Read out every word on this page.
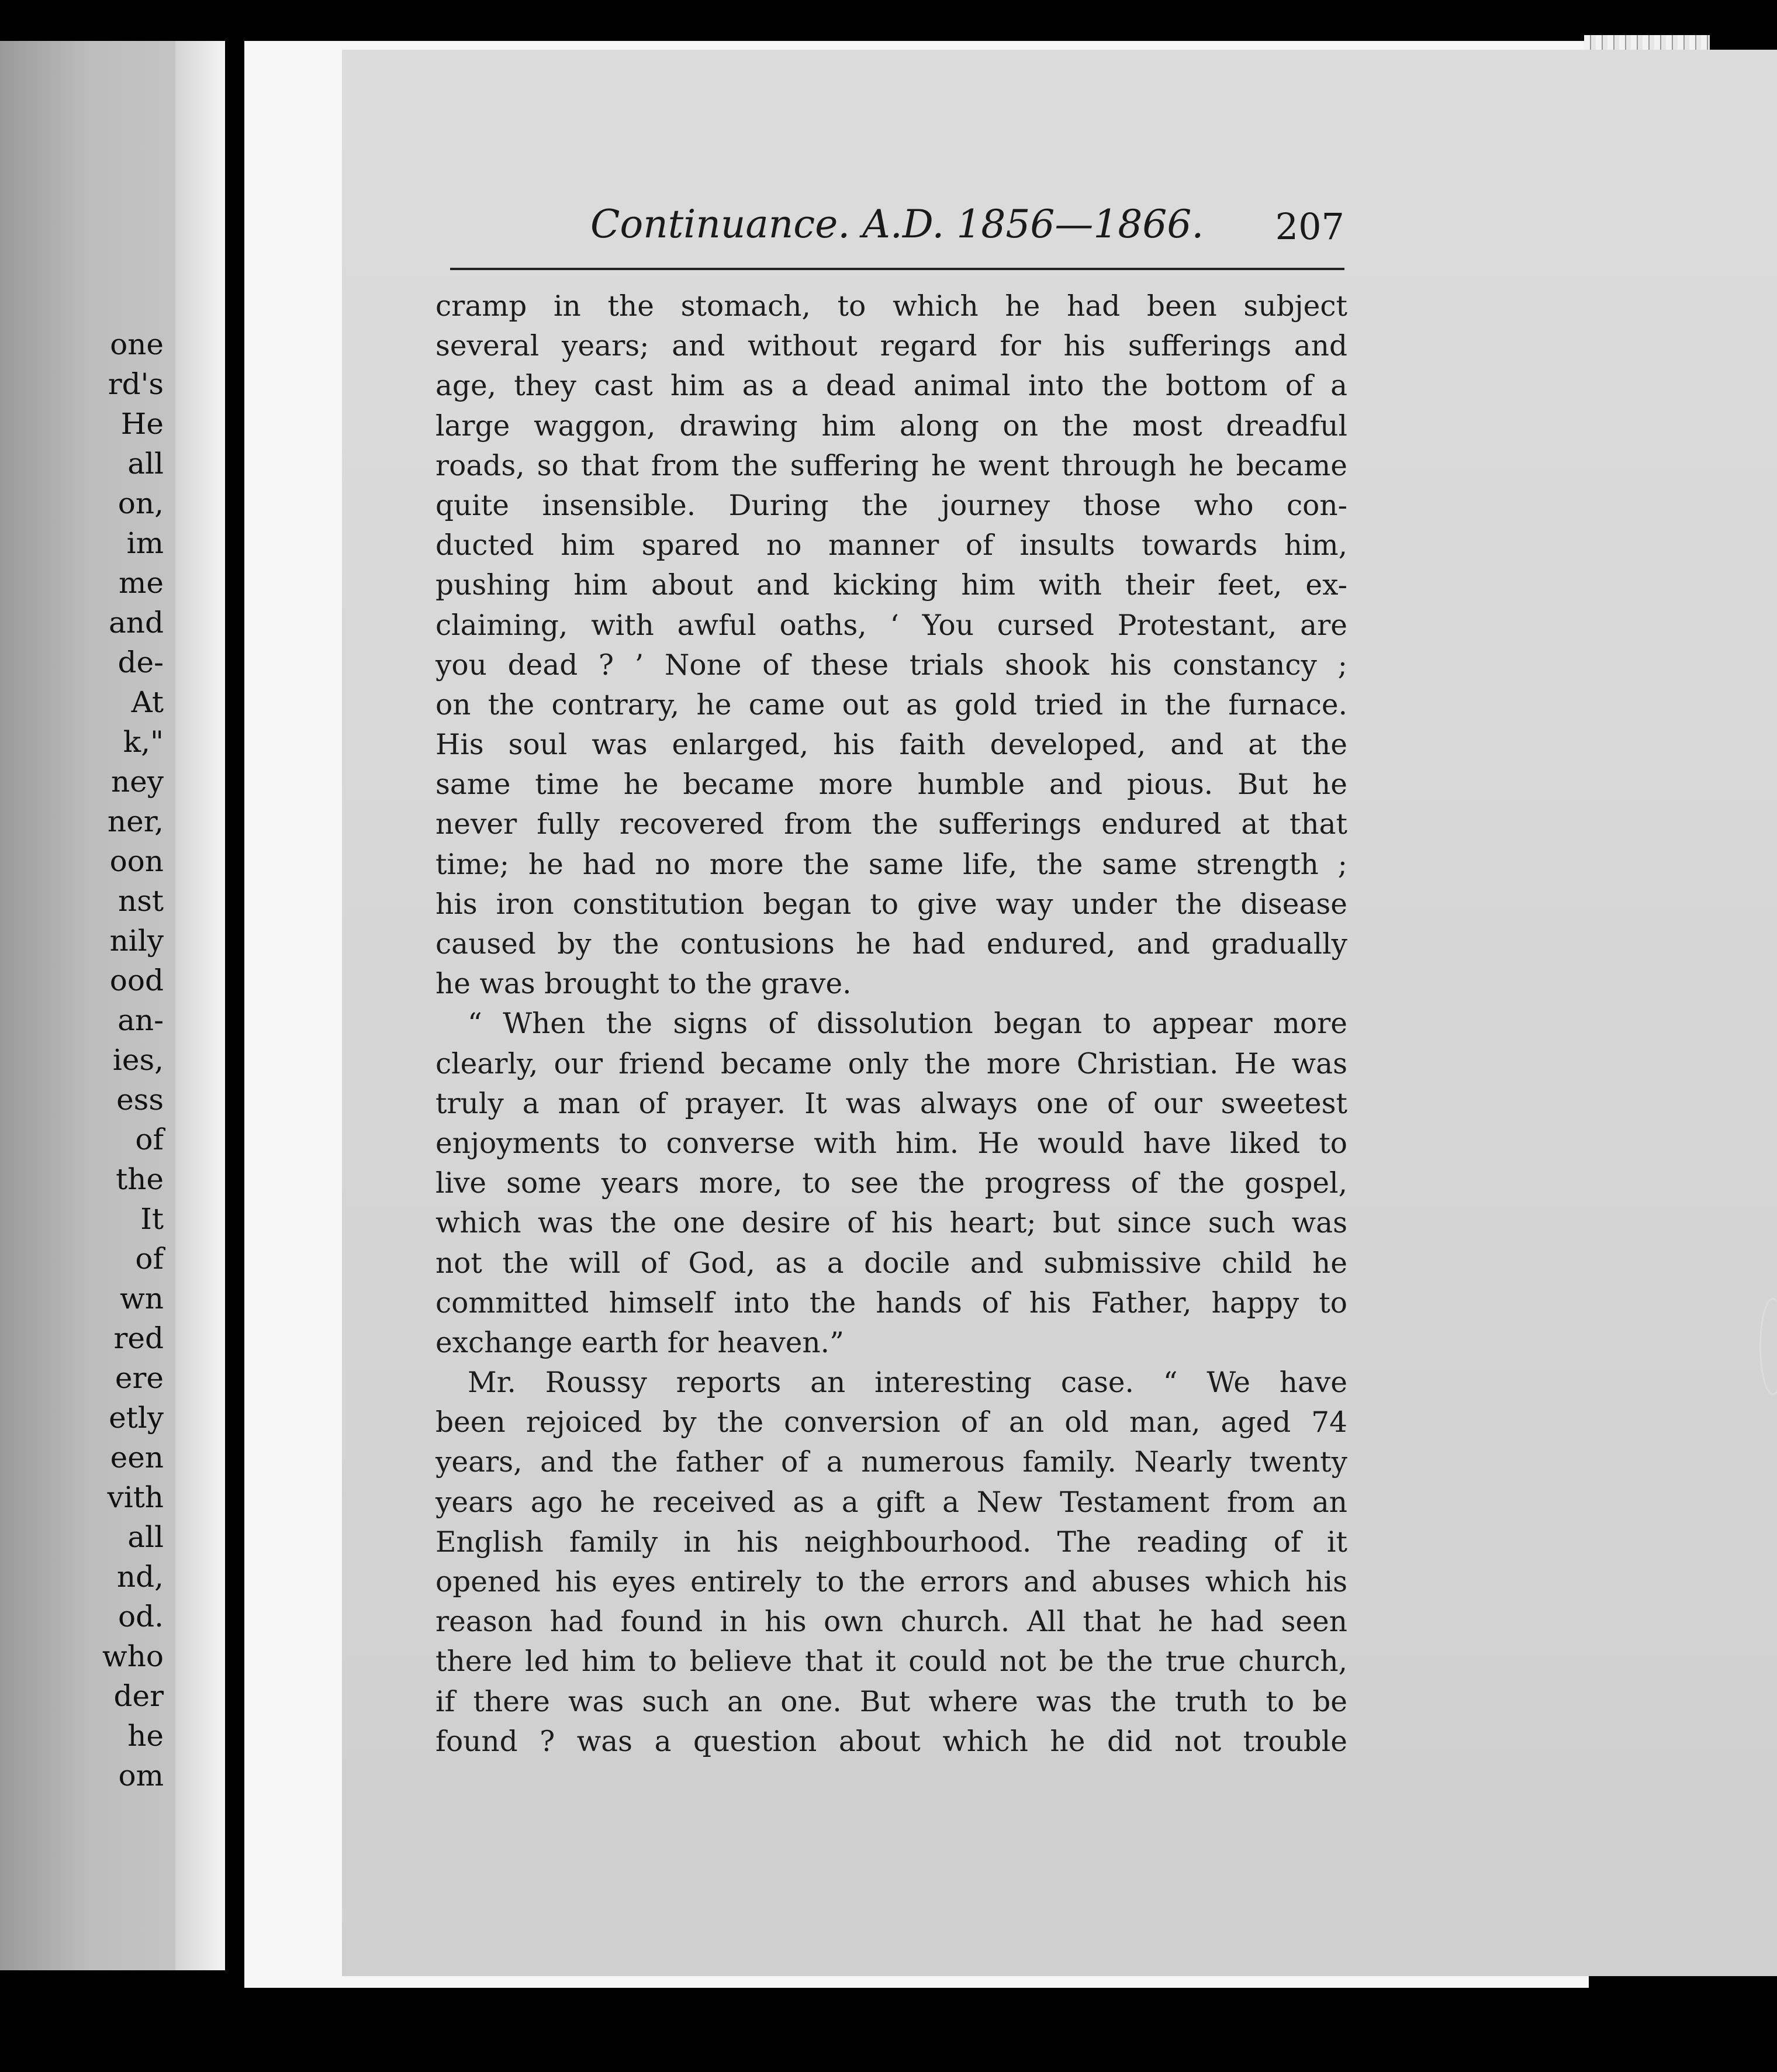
one
rd's
He
all
on,
im
me
and
de-
At
k,"
ney
ner,
oon
nst
nily
ood
an-
ies,
ess
of
the
It
of
wn
red
ere
etly
een
vith
all
nd,
od.
who
der
he
om
Continuance. A.D. 1856—1866. 207
cramp in the stomach, to which he had been subject
several years; and without regard for his sufferings and
age, they cast him as a dead animal into the bottom of a
large waggon, drawing him along on the most dreadful
roads, so that from the suffering he went through he became
quite insensible. During the journey those who con-
ducted him spared no manner of insults towards him,
pushing him about and kicking him with their feet, ex-
claiming, with awful oaths, ‘ You cursed Protestant, are
you dead ? ’ None of these trials shook his constancy ;
on the contrary, he came out as gold tried in the furnace.
His soul was enlarged, his faith developed, and at the
same time he became more humble and pious. But he
never fully recovered from the sufferings endured at that
time; he had no more the same life, the same strength ;
his iron constitution began to give way under the disease
caused by the contusions he had endured, and gradually
he was brought to the grave.
“ When the signs of dissolution began to appear more
clearly, our friend became only the more Christian. He was
truly a man of prayer. It was always one of our sweetest
enjoyments to converse with him. He would have liked to
live some years more, to see the progress of the gospel,
which was the one desire of his heart; but since such was
not the will of God, as a docile and submissive child he
committed himself into the hands of his Father, happy to
exchange earth for heaven.”
Mr. Roussy reports an interesting case. “ We have
been rejoiced by the conversion of an old man, aged 74
years, and the father of a numerous family. Nearly twenty
years ago he received as a gift a New Testament from an
English family in his neighbourhood. The reading of it
opened his eyes entirely to the errors and abuses which his
reason had found in his own church. All that he had seen
there led him to believe that it could not be the true church,
if there was such an one. But where was the truth to be
found ? was a question about which he did not trouble
